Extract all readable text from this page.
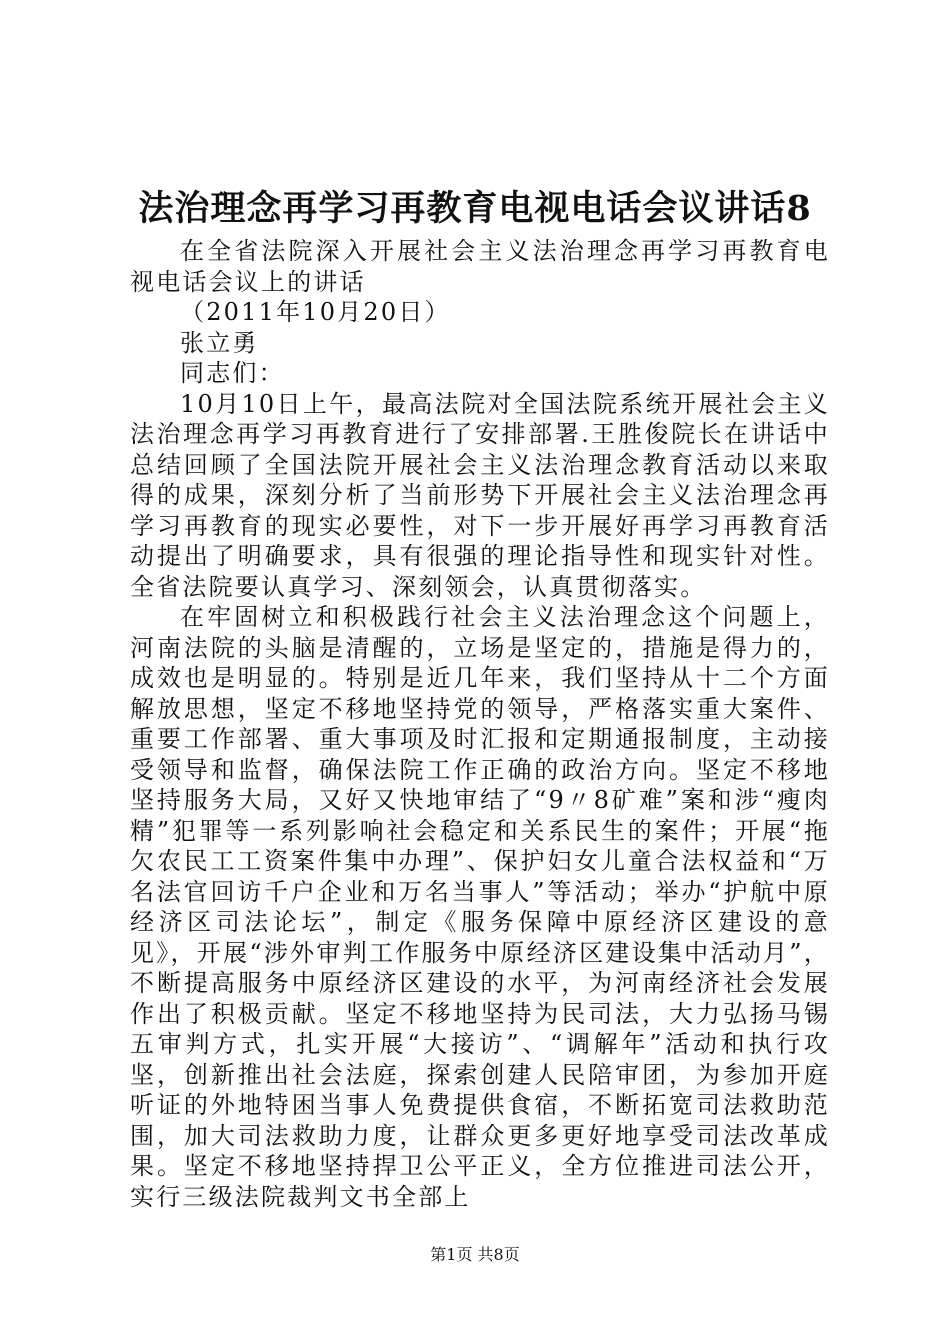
法治理念再学习再教育电视电话会议讲话8

在全省法院深入开展社会主义法治理念再学习再教育电视电话会议上的讲话

（2011年10月20日）

张立勇

同志们：

10月10日上午，最高法院对全国法院系统开展社会主义法治理念再学习再教育进行了安排部署.王胜俊院长在讲话中总结回顾了全国法院开展社会主义法治理念教育活动以来取得的成果，深刻分析了当前形势下开展社会主义法治理念再学习再教育的现实必要性，对下一步开展好再学习再教育活动提出了明确要求，具有很强的理论指导性和现实针对性。全省法院要认真学习、深刻领会，认真贯彻落实。

在牢固树立和积极践行社会主义法治理念这个问题上，河南法院的头脑是清醒的，立场是坚定的，措施是得力的，成效也是明显的。特别是近几年来，我们坚持从十二个方面解放思想，坚定不移地坚持党的领导，严格落实重大案件、重要工作部署、重大事项及时汇报和定期通报制度，主动接受领导和监督，确保法院工作正确的政治方向。坚定不移地坚持服务大局，又好又快地审结了“9〃8矿难”案和涉“瘦肉精”犯罪等一系列影响社会稳定和关系民生的案件；开展“拖欠农民工工资案件集中办理”、保护妇女儿童合法权益和“万名法官回访千户企业和万名当事人”等活动；举办“护航中原经济区司法论坛”，制定《服务保障中原经济区建设的意见》，开展“涉外审判工作服务中原经济区建设集中活动月”，不断提高服务中原经济区建设的水平，为河南经济社会发展作出了积极贡献。坚定不移地坚持为民司法，大力弘扬马锡五审判方式，扎实开展“大接访”、“调解年”活动和执行攻坚，创新推出社会法庭，探索创建人民陪审团，为参加开庭听证的外地特困当事人免费提供食宿，不断拓宽司法救助范围，加大司法救助力度，让群众更多更好地享受司法改革成果。坚定不移地坚持捍卫公平正义，全方位推进司法公开，实行三级法院裁判文书全部上

第1页 共8页
